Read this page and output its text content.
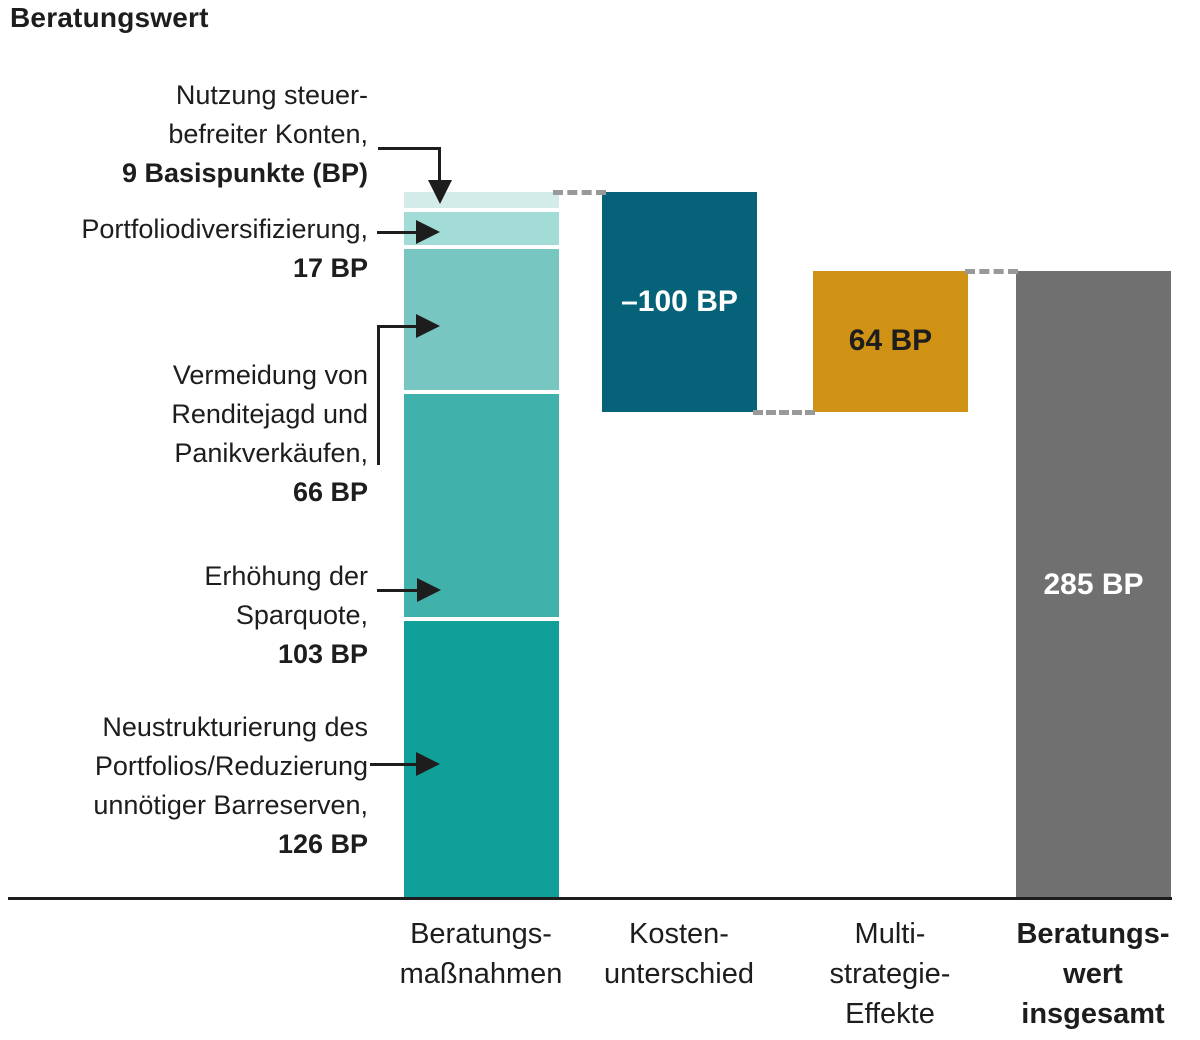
Beratungswert
–100 BP
64 BP
285 BP
Beratungs-
maßnahmen
Kosten-
unterschied
Multi-
strategie-
Effekte
Beratungs-
wert
insgesamt
Nutzung steuer-
befreiter Konten,
9 Basispunkte (BP)
Portfoliodiversifizierung,
17 BP
Vermeidung von
Renditejagd und
Panikverkäufen,
66 BP
Erhöhung der
Sparquote,
103 BP
Neustrukturierung des
Portfolios/Reduzierung
unnötiger Barreserven,
126 BP
